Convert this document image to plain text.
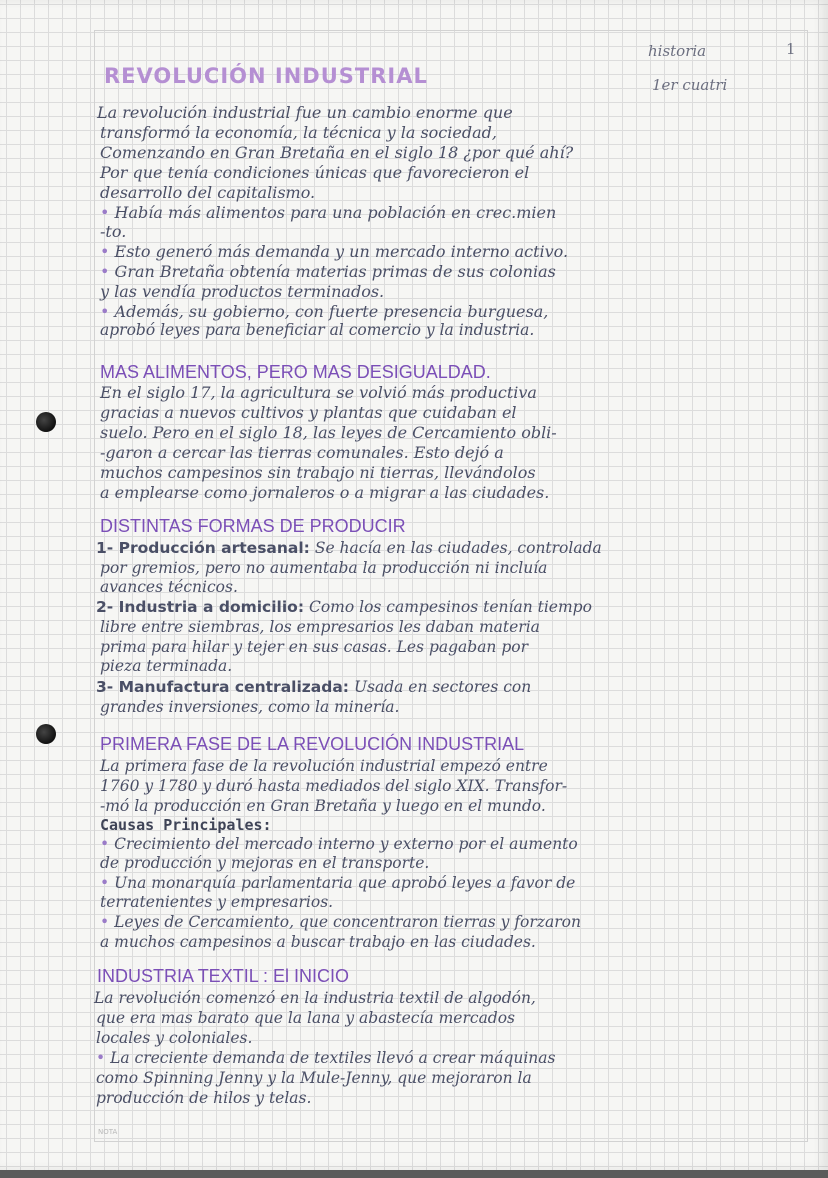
historia	1

1er cuatri

REVOLUCIÓN INDUSTRIAL

La revolución industrial fue un cambio enorme que

transformó la economía, la técnica y la sociedad,

Comenzando en Gran Bretaña en el siglo 18 ¿por qué ahí?

Por que tenía condiciones únicas que favorecieron el

desarrollo del capitalismo.

• Había más alimentos para una población en crec.mien

-to.

• Esto generó más demanda y un mercado interno activo.

• Gran Bretaña obtenía materias primas de sus colonias

y las vendía productos terminados.

• Además, su gobierno, con fuerte presencia burguesa,

aprobó leyes para beneficiar al comercio y la industria.

MAS ALIMENTOS, PERO MAS DESIGUALDAD.

En el siglo 17, la agricultura se volvió más productiva

gracias a nuevos cultivos y plantas que cuidaban el

suelo. Pero en el siglo 18, las leyes de Cercamiento obli-

-garon a cercar las tierras comunales. Esto dejó a

muchos campesinos sin trabajo ni tierras, llevándolos

a emplearse como jornaleros o a migrar a las ciudades.

DISTINTAS FORMAS DE PRODUCIR

1- Producción artesanal: Se hacía en las ciudades, controlada

por gremios, pero no aumentaba la producción ni incluía

avances técnicos.

2- Industria a domicilio: Como los campesinos tenían tiempo

libre entre siembras, los empresarios les daban materia

prima para hilar y tejer en sus casas. Les pagaban por

pieza terminada.

3- Manufactura centralizada: Usada en sectores con

grandes inversiones, como la minería.

PRIMERA FASE DE LA REVOLUCIÓN INDUSTRIAL

La primera fase de la revolución industrial empezó entre

1760 y 1780 y duró hasta mediados del siglo XIX. Transfor-

-mó la producción en Gran Bretaña y luego en el mundo.

Causas Principales:

• Crecimiento del mercado interno y externo por el aumento

de producción y mejoras en el transporte.

• Una monarquía parlamentaria que aprobó leyes a favor de

terratenientes y empresarios.

• Leyes de Cercamiento, que concentraron tierras y forzaron

a muchos campesinos a buscar trabajo en las ciudades.

INDUSTRIA TEXTIL : El INICIO

La revolución comenzó en la industria textil de algodón,

que era mas barato que la lana y abastecía mercados

locales y coloniales.

• La creciente demanda de textiles llevó a crear máquinas

como Spinning Jenny y la Mule-Jenny, que mejoraron la

producción de hilos y telas.

NOTA
